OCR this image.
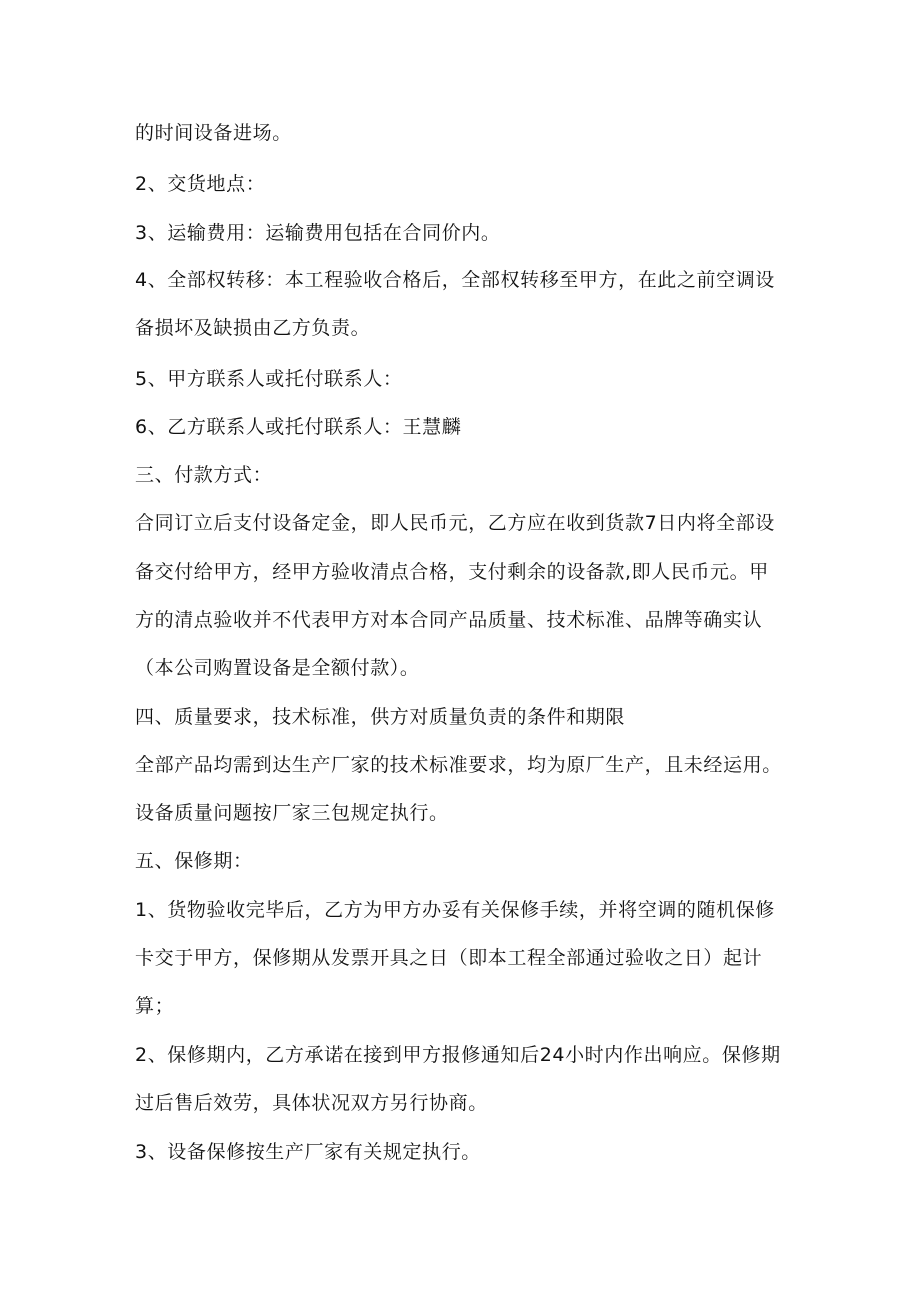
的时间设备进场。
2、交货地点：
3、运输费用：运输费用包括在合同价内。
4、全部权转移：本工程验收合格后，全部权转移至甲方，在此之前空调设
备损坏及缺损由乙方负责。
5、甲方联系人或托付联系人：
6、乙方联系人或托付联系人：王慧麟
三、付款方式：
合同订立后支付设备定金，即人民币元，乙方应在收到货款7日内将全部设
备交付给甲方，经甲方验收清点合格，支付剩余的设备款,即人民币元。甲
方的清点验收并不代表甲方对本合同产品质量、技术标准、品牌等确实认
（本公司购置设备是全额付款）。
四、质量要求，技术标准，供方对质量负责的条件和期限
全部产品均需到达生产厂家的技术标准要求，均为原厂生产，且未经运用。
设备质量问题按厂家三包规定执行。
五、保修期：
1、货物验收完毕后，乙方为甲方办妥有关保修手续，并将空调的随机保修
卡交于甲方，保修期从发票开具之日（即本工程全部通过验收之日）起计
算；
2、保修期内，乙方承诺在接到甲方报修通知后24小时内作出响应。保修期
过后售后效劳，具体状况双方另行协商。
3、设备保修按生产厂家有关规定执行。
